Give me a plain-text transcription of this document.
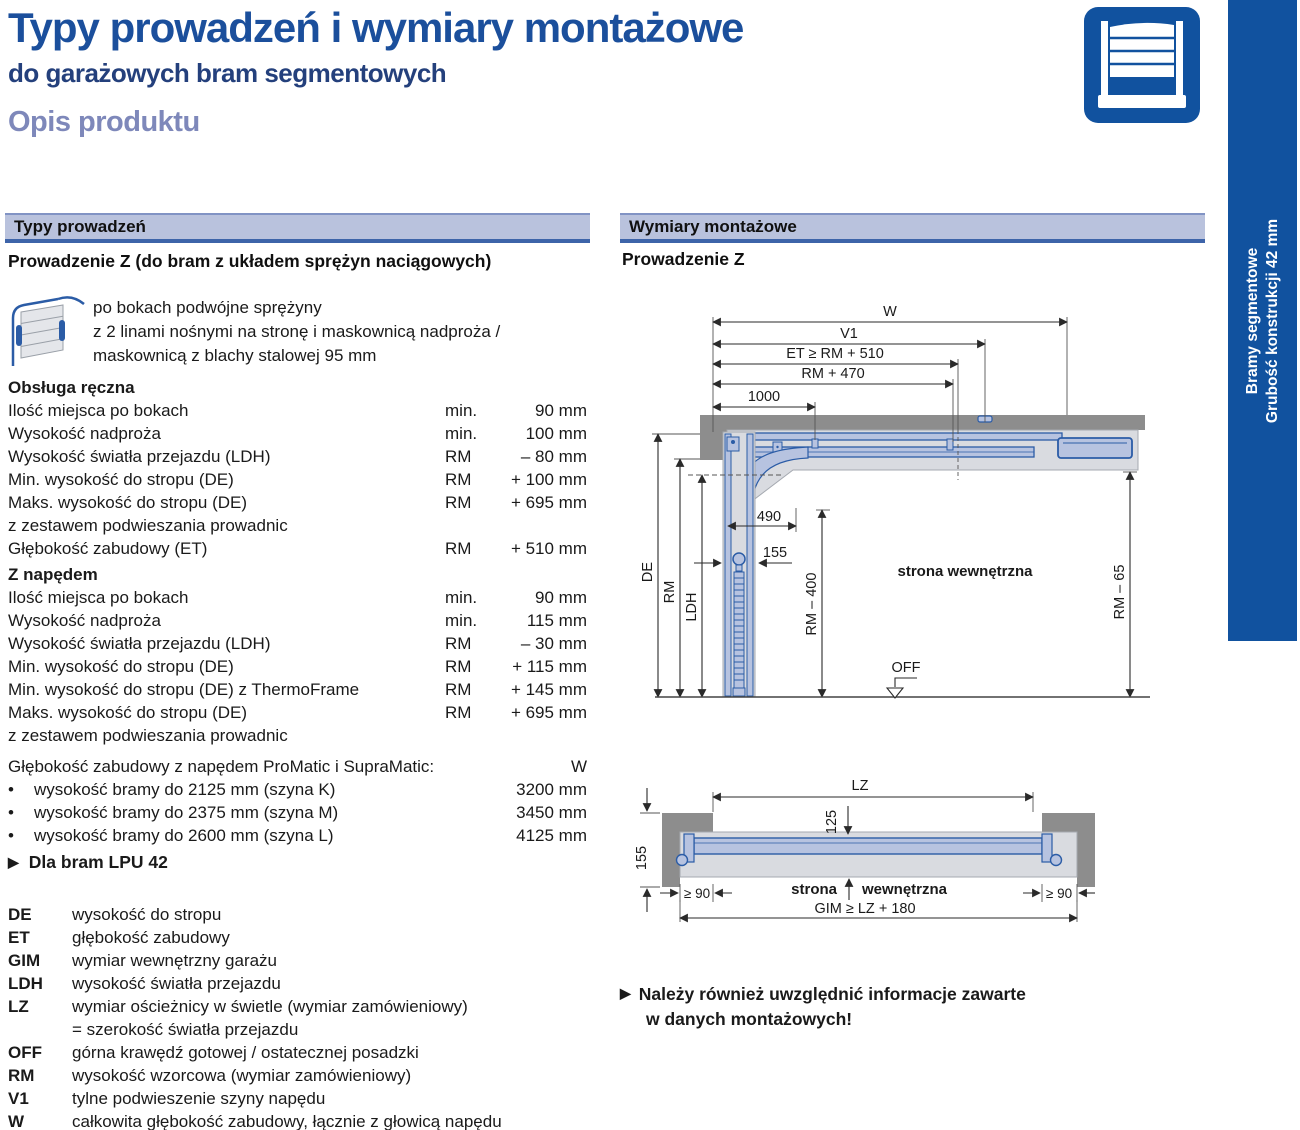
Typy prowadzeń i wymiary montażowe
do garażowych bram segmentowych
Opis produktu
Bramy segmentowe Grubość konstrukcji 42 mm
Typy prowadzeń
Prowadzenie Z (do bram z układem sprężyn naciągowych)
po bokach podwójne sprężyny
z 2 linami nośnymi na stronę i maskownicą nadproża /
maskownicą z blachy stalowej 95 mm
Obsługa ręczna
Ilość miejsca po bokach	min.	90 mm
Wysokość nadproża	min.	100 mm
Wysokość światła przejazdu (LDH)	RM	– 80 mm
Min. wysokość do stropu (DE)	RM	+ 100 mm
Maks. wysokość do stropu (DE)	RM	+ 695 mm
z zestawem podwieszania prowadnic
Głębokość zabudowy (ET)	RM	+ 510 mm
Z napędem
Ilość miejsca po bokach	min.	90 mm
Wysokość nadproża	min.	115 mm
Wysokość światła przejazdu (LDH)	RM	– 30 mm
Min. wysokość do stropu (DE)	RM	+ 115 mm
Min. wysokość do stropu (DE) z ThermoFrame	RM	+ 145 mm
Maks. wysokość do stropu (DE)	RM	+ 695 mm
z zestawem podwieszania prowadnic
Głębokość zabudowy z napędem ProMatic i SupraMatic:	W
•	wysokość bramy do 2125 mm (szyna K)	3200 mm
•	wysokość bramy do 2375 mm (szyna M)	3450 mm
•	wysokość bramy do 2600 mm (szyna L)	4125 mm
▶ Dla bram LPU 42
DE	wysokość do stropu
ET	głębokość zabudowy
GIM	wymiar wewnętrzny garażu
LDH	wysokość światła przejazdu
LZ	wymiar ościeżnicy w świetle (wymiar zamówieniowy)
= szerokość światła przejazdu
OFF	górna krawędź gotowej / ostatecznej posadzki
RM	wysokość wzorcowa (wymiar zamówieniowy)
V1	tylne podwieszenie szyny napędu
W	całkowita głębokość zabudowy, łącznie z głowicą napędu
Wymiary montażowe
Prowadzenie Z
W
V1
ET ≥ RM + 510
RM + 470
1000
490
155
RM – 400	RM – 65
DE
RM
LDH
strona wewnętrzna
OFF
LZ
125
155
≥ 90	≥ 90
GIM ≥ LZ + 180
strona wewnętrzna
▶ Należy również uwzględnić informacje zawarte
w danych montażowych!
